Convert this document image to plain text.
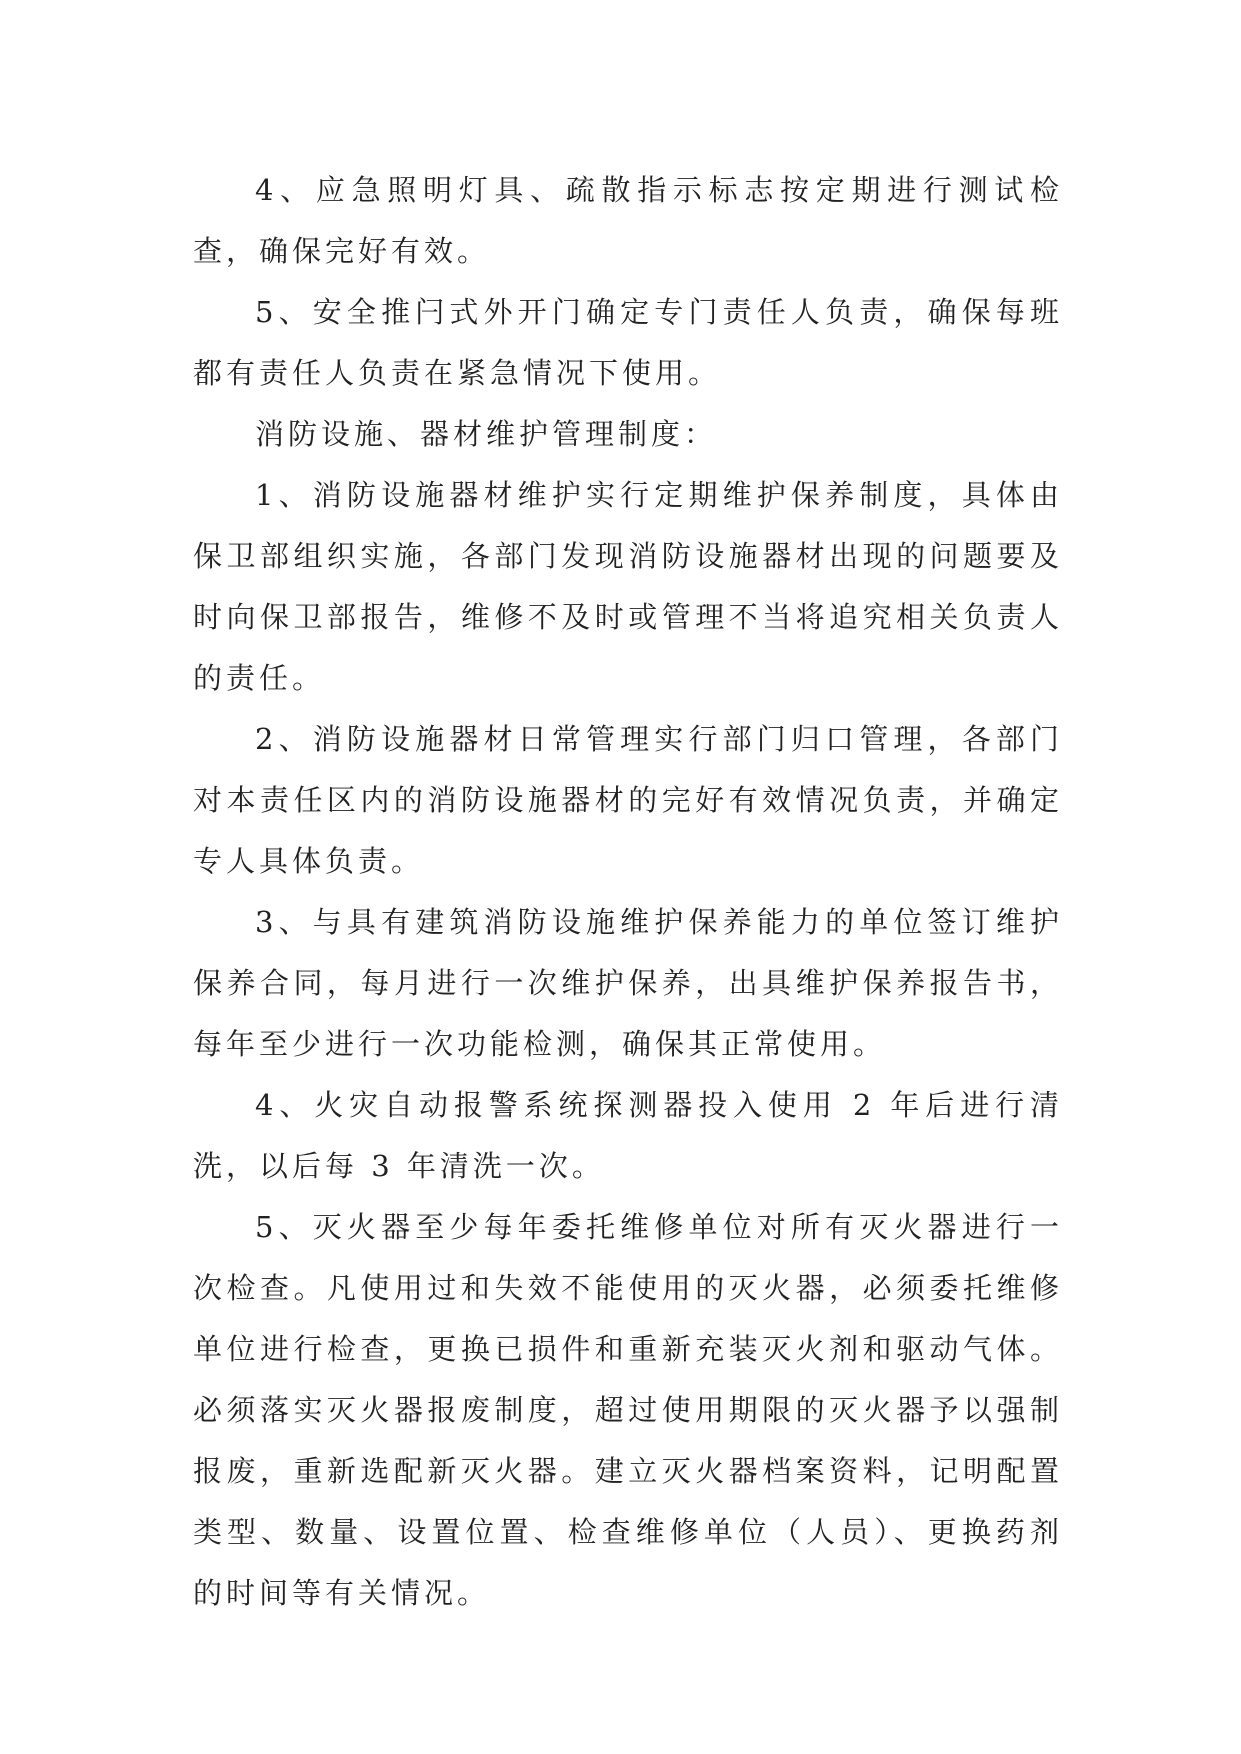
4、应急照明灯具、疏散指示标志按定期进行测试检查，确保完好有效。

5、安全推闩式外开门确定专门责任人负责，确保每班都有责任人负责在紧急情况下使用。

消防设施、器材维护管理制度：

1、消防设施器材维护实行定期维护保养制度，具体由保卫部组织实施，各部门发现消防设施器材出现的问题要及时向保卫部报告，维修不及时或管理不当将追究相关负责人的责任。

2、消防设施器材日常管理实行部门归口管理，各部门对本责任区内的消防设施器材的完好有效情况负责，并确定专人具体负责。

3、与具有建筑消防设施维护保养能力的单位签订维护保养合同，每月进行一次维护保养，出具维护保养报告书，每年至少进行一次功能检测，确保其正常使用。

4、火灾自动报警系统探测器投入使用 2 年后进行清洗，以后每 3 年清洗一次。

5、灭火器至少每年委托维修单位对所有灭火器进行一次检查。凡使用过和失效不能使用的灭火器，必须委托维修单位进行检查，更换已损件和重新充装灭火剂和驱动气体。必须落实灭火器报废制度，超过使用期限的灭火器予以强制报废，重新选配新灭火器。建立灭火器档案资料，记明配置类型、数量、设置位置、检查维修单位（人员）、更换药剂的时间等有关情况。
